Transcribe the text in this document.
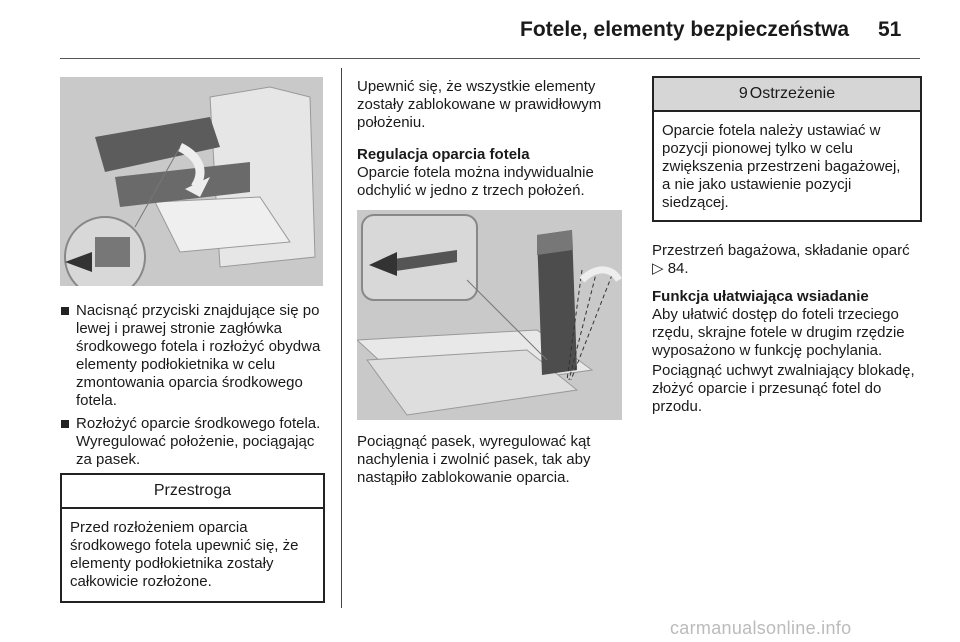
Fotele, elementy bezpieczeństwa	51
Nacisnąć przyciski znajdujące się po lewej i prawej stronie zagłówka środkowego fotela i rozłożyć obydwa elementy podłokietnika w celu zmontowania oparcia środkowego fotela.
Rozłożyć oparcie środkowego fotela. Wyregulować położenie, pociągając za pasek.
Przestroga
Przed rozłożeniem oparcia środkowego fotela upewnić się, że elementy podłokietnika zostały całkowicie rozłożone.
Upewnić się, że wszystkie elementy zostały zablokowane w prawidłowym położeniu.
Regulacja oparcia fotela
Oparcie fotela można indywidualnie odchylić w jedno z trzech położeń.
Pociągnąć pasek, wyregulować kąt nachylenia i zwolnić pasek, tak aby nastąpiło zablokowanie oparcia.
9 Ostrzeżenie
Oparcie fotela należy ustawiać w pozycji pionowej tylko w celu zwiększenia przestrzeni bagażowej, a nie jako ustawienie pozycji siedzącej.
Przestrzeń bagażowa, składanie oparć ▷ 84.
Funkcja ułatwiająca wsiadanie
Aby ułatwić dostęp do foteli trzeciego rzędu, skrajne fotele w drugim rzędzie wyposażono w funkcję pochylania.
Pociągnąć uchwyt zwalniający blokadę, złożyć oparcie i przesunąć fotel do przodu.
carmanualsonline.info
